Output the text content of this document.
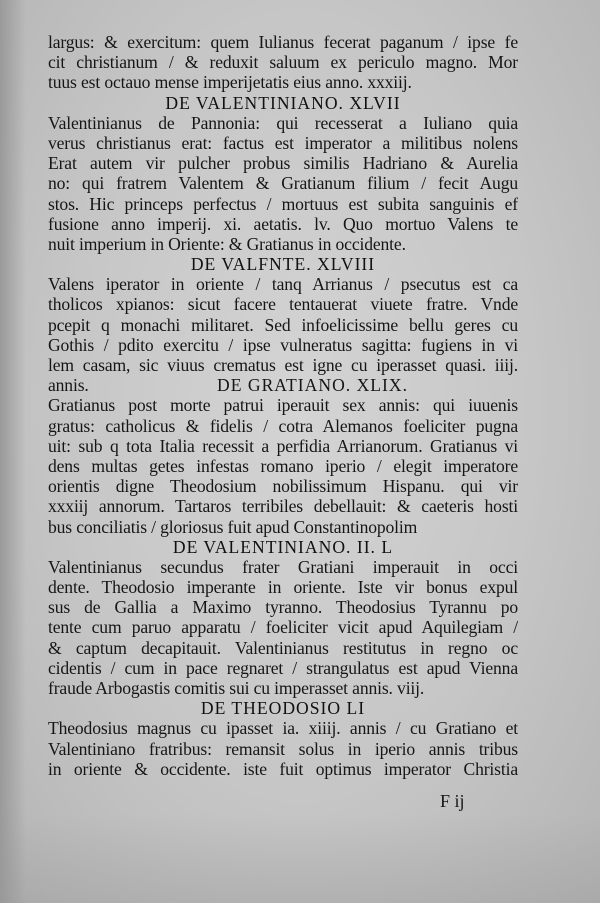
largus: & exercitum: quem Iulianus fecerat paganum / ipse fe
cit christianum / & reduxit saluum ex periculo magno. Mor
tuus est octauo mense imperijetatis eius anno. xxxiij.
DE VALENTINIANO. XLVII
Valentinianus de Pannonia: qui recesserat a Iuliano quia
verus christianus erat: factus est imperator a militibus nolens
Erat autem vir pulcher probus similis Hadriano & Aurelia
no: qui fratrem Valentem & Gratianum filium / fecit Augu
stos. Hic princeps perfectus / mortuus est subita sanguinis ef
fusione anno imperij. xi. aetatis. lv. Quo mortuo Valens te
nuit imperium in Oriente: & Gratianus in occidente.
DE VALFNTE. XLVIII
Valens iperator in oriente / tanq Arrianus / psecutus est ca
tholicos xpianos: sicut facere tentauerat viuete fratre. Vnde
pcepit q monachi militaret. Sed infoelicissime bellu geres cu
Gothis / pdito exercitu / ipse vulneratus sagitta: fugiens in vi
lem casam, sic viuus crematus est igne cu iperasset quasi. iiij.
annis.	DE GRATIANO. XLIX.
Gratianus post morte patrui iperauit sex annis: qui iuuenis
gratus: catholicus & fidelis / cotra Alemanos foeliciter pugna
uit: sub q tota Italia recessit a perfidia Arrianorum. Gratianus vi
dens multas getes infestas romano iperio / elegit imperatore
orientis digne Theodosium nobilissimum Hispanu. qui vir
xxxiij annorum. Tartaros terribiles debellauit: & caeteris hosti
bus conciliatis / gloriosus fuit apud Constantinopolim
DE VALENTINIANO. II. L
Valentinianus secundus frater Gratiani imperauit in occi
dente. Theodosio imperante in oriente. Iste vir bonus expul
sus de Gallia a Maximo tyranno. Theodosius Tyrannu po
tente cum paruo apparatu / foeliciter vicit apud Aquilegiam /
& captum decapitauit. Valentinianus restitutus in regno oc
cidentis / cum in pace regnaret / strangulatus est apud Vienna
fraude Arbogastis comitis sui cu imperasset annis. viij.
DE THEODOSIO LI
Theodosius magnus cu ipasset ia. xiiij. annis / cu Gratiano et
Valentiniano fratribus: remansit solus in iperio annis tribus
in oriente & occidente. iste fuit optimus imperator Christia
F ij
